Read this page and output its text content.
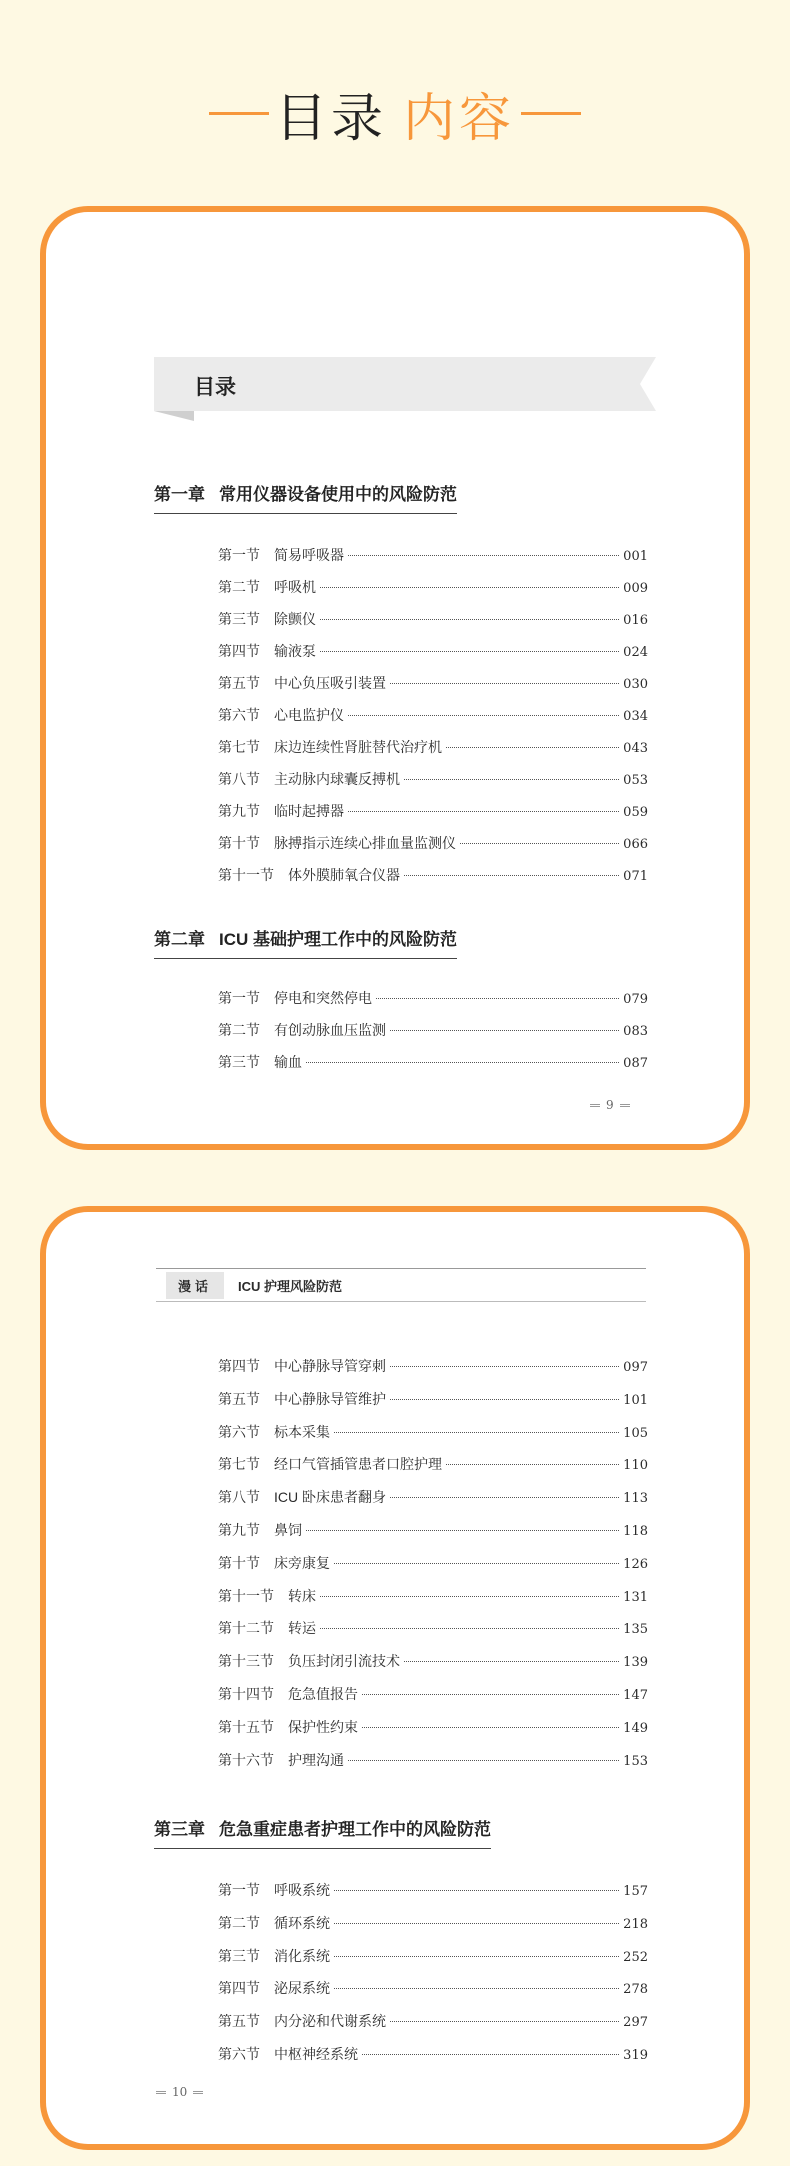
目录 内容
目录
第一章 常用仪器设备使用中的风险防范
第一节 简易呼吸器	001
第二节 呼吸机	009
第三节 除颤仪	016
第四节 输液泵	024
第五节 中心负压吸引装置	030
第六节 心电监护仪	034
第七节 床边连续性肾脏替代治疗机	043
第八节 主动脉内球囊反搏机	053
第九节 临时起搏器	059
第十节 脉搏指示连续心排血量监测仪	066
第十一节 体外膜肺氧合仪器	071
第二章 ICU 基础护理工作中的风险防范
第一节 停电和突然停电	079
第二节 有创动脉血压监测	083
第三节 输血	087
9
漫话	ICU 护理风险防范
第四节 中心静脉导管穿刺	097
第五节 中心静脉导管维护	101
第六节 标本采集	105
第七节 经口气管插管患者口腔护理	110
第八节 ICU 卧床患者翻身	113
第九节 鼻饲	118
第十节 床旁康复	126
第十一节 转床	131
第十二节 转运	135
第十三节 负压封闭引流技术	139
第十四节 危急值报告	147
第十五节 保护性约束	149
第十六节 护理沟通	153
第三章 危急重症患者护理工作中的风险防范
第一节 呼吸系统	157
第二节 循环系统	218
第三节 消化系统	252
第四节 泌尿系统	278
第五节 内分泌和代谢系统	297
第六节 中枢神经系统	319
10
